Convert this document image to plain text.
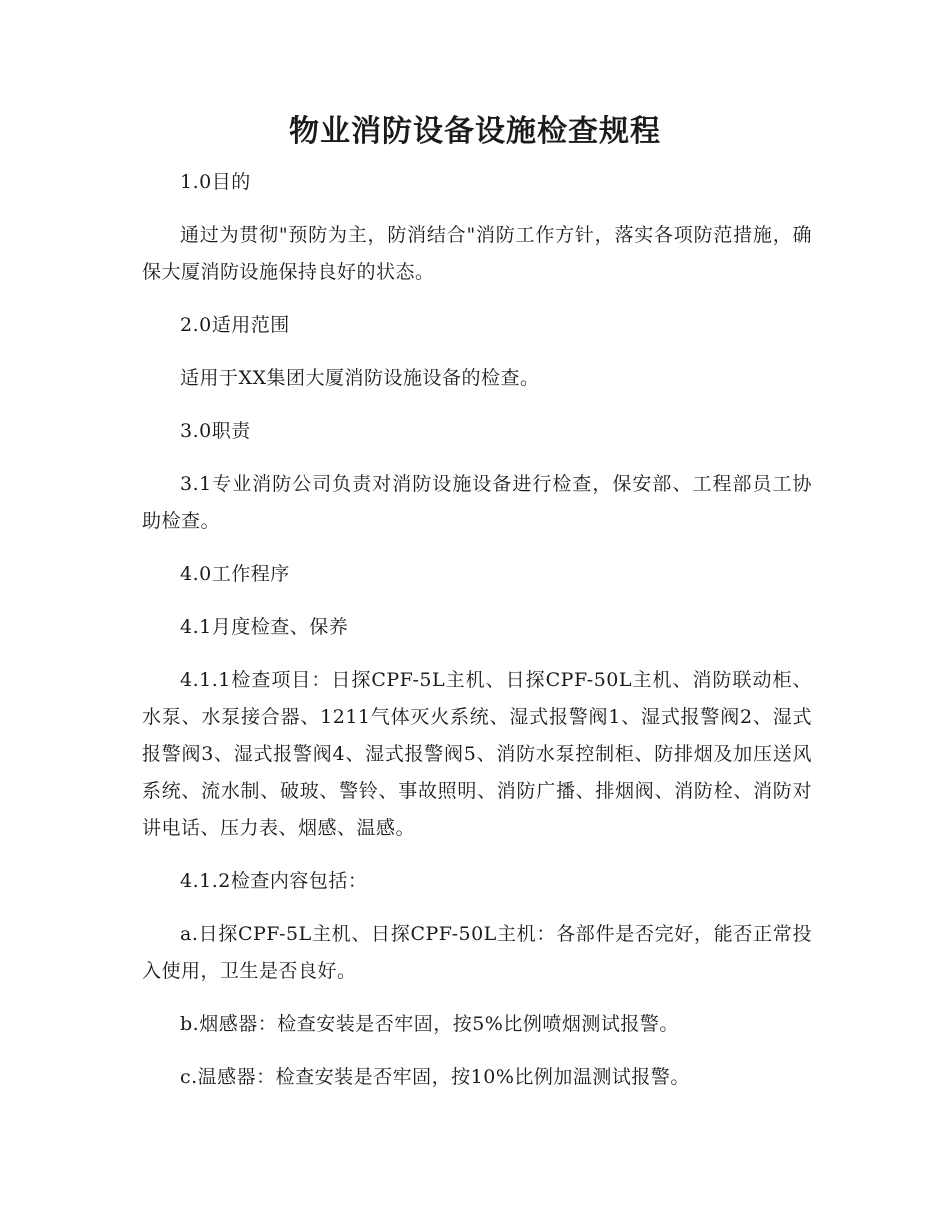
物业消防设备设施检查规程

1.0目的

通过为贯彻"预防为主，防消结合"消防工作方针，落实各项防范措施，确保大厦消防设施保持良好的状态。

2.0适用范围

适用于XX集团大厦消防设施设备的检查。

3.0职责

3.1专业消防公司负责对消防设施设备进行检查，保安部、工程部员工协助检查。

4.0工作程序

4.1月度检查、保养

4.1.1检查项目：日探CPF-5L主机、日探CPF-50L主机、消防联动柜、水泵、水泵接合器、1211气体灭火系统、湿式报警阀1、湿式报警阀2、湿式报警阀3、湿式报警阀4、湿式报警阀5、消防水泵控制柜、防排烟及加压送风系统、流水制、破玻、警铃、事故照明、消防广播、排烟阀、消防栓、消防对讲电话、压力表、烟感、温感。

4.1.2检查内容包括：

a.日探CPF-5L主机、日探CPF-50L主机：各部件是否完好，能否正常投入使用，卫生是否良好。

b.烟感器：检查安装是否牢固，按5%比例喷烟测试报警。

c.温感器：检查安装是否牢固，按10%比例加温测试报警。
